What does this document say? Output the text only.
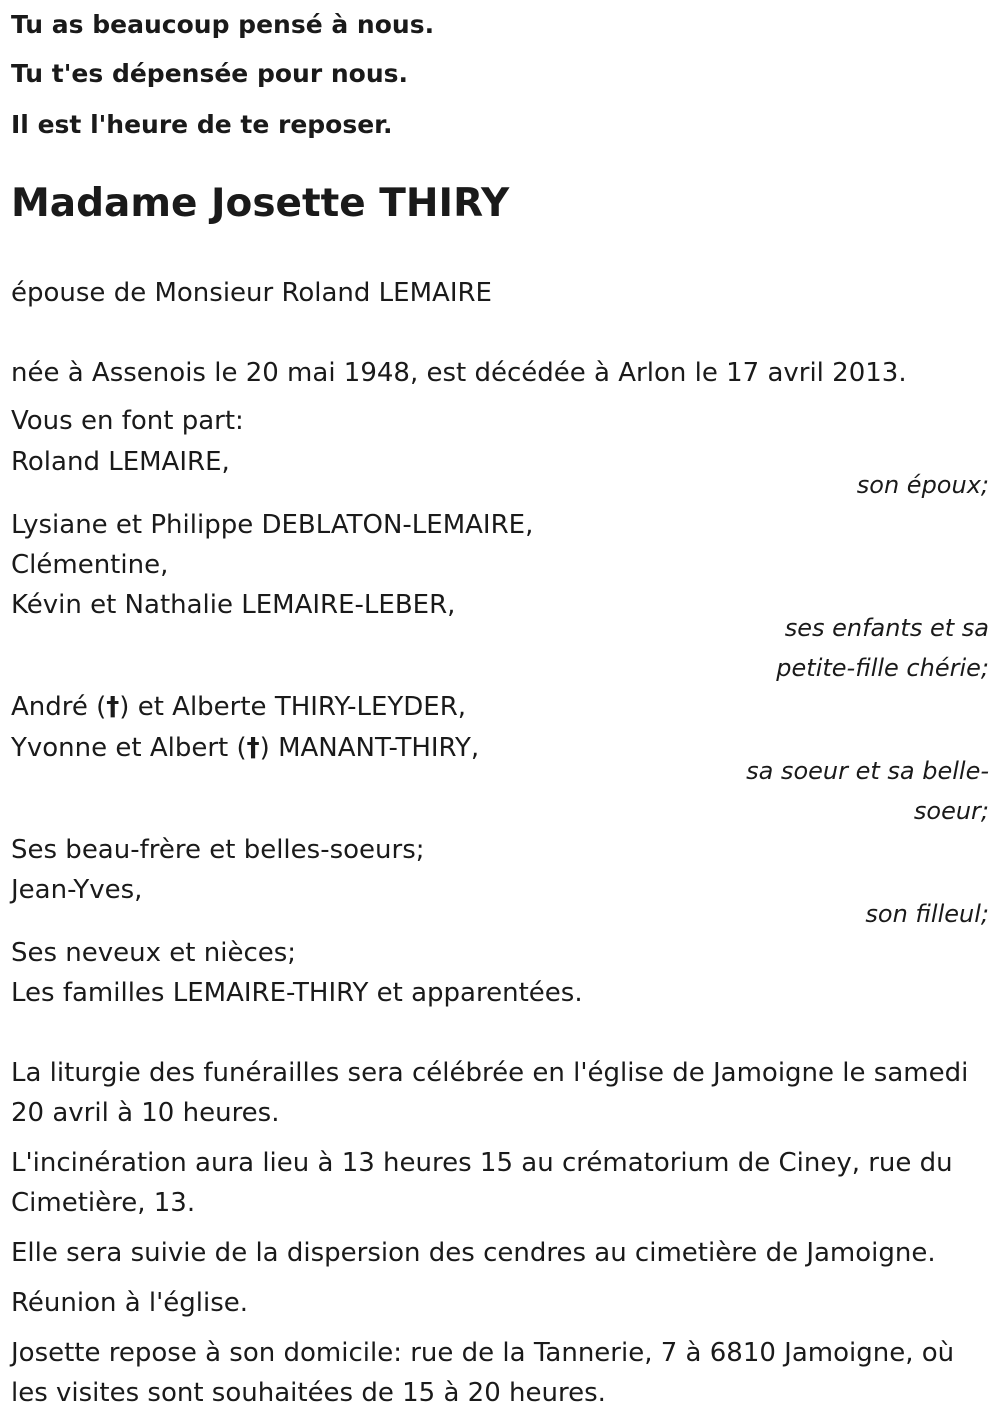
Tu as beaucoup pensé à nous.
Tu t'es dépensée pour nous.
Il est l'heure de te reposer.
Madame Josette THIRY
épouse de Monsieur Roland LEMAIRE
née à Assenois le 20 mai 1948, est décédée à Arlon le 17 avril 2013.
Vous en font part:
Roland LEMAIRE,
son époux;
Lysiane et Philippe DEBLATON-LEMAIRE,
Clémentine,
Kévin et Nathalie LEMAIRE-LEBER,
ses enfants et sa
petite-fille chérie;
André (†) et Alberte THIRY-LEYDER,
Yvonne et Albert (†) MANANT-THIRY,
sa soeur et sa belle-
soeur;
Ses beau-frère et belles-soeurs;
Jean-Yves,
son filleul;
Ses neveux et nièces;
Les familles LEMAIRE-THIRY et apparentées.
La liturgie des funérailles sera célébrée en l'église de Jamoigne le samedi 20 avril à 10 heures.
L'incinération aura lieu à 13 heures 15 au crématorium de Ciney, rue du Cimetière, 13.
Elle sera suivie de la dispersion des cendres au cimetière de Jamoigne.
Réunion à l'église.
Josette repose à son domicile: rue de la Tannerie, 7 à 6810 Jamoigne, où les visites sont souhaitées de 15 à 20 heures.
